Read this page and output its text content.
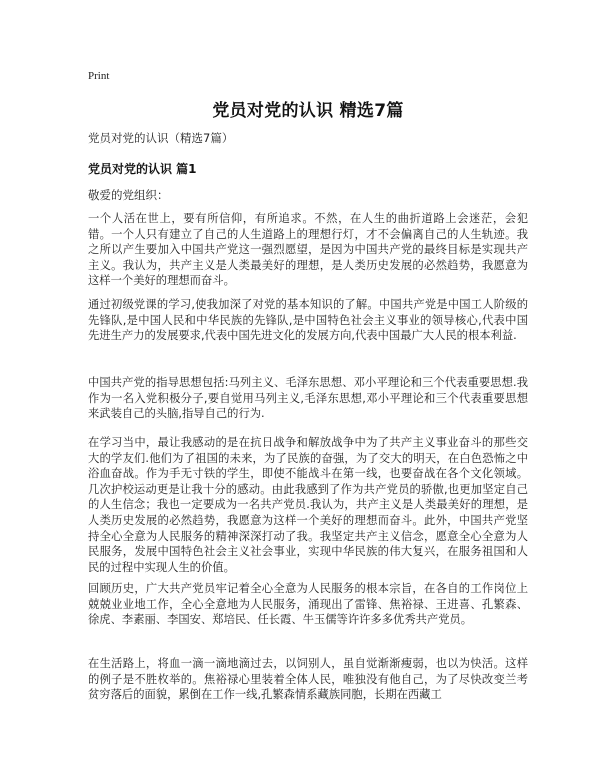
Print
党员对党的认识 精选7篇
党员对党的认识（精选7篇）
党员对党的认识 篇1
敬爱的党组织：
一个人活在世上，要有所信仰，有所追求。不然，在人生的曲折道路上会迷茫，会犯错。一个人只有建立了自己的人生道路上的理想行灯，才不会偏离自己的人生轨迹。我之所以产生要加入中国共产党这一强烈愿望，是因为中国共产党的最终目标是实现共产主义。我认为，共产主义是人类最美好的理想，是人类历史发展的必然趋势，我愿意为这样一个美好的理想而奋斗。
通过初级党课的学习,使我加深了对党的基本知识的了解。中国共产党是中国工人阶级的先锋队,是中国人民和中华民族的先锋队,是中国特色社会主义事业的领导核心,代表中国先进生产力的发展要求,代表中国先进文化的发展方向,代表中国最广大人民的根本利益.
中国共产党的指导思想包括:马列主义、毛泽东思想、邓小平理论和三个代表重要思想.我作为一名入党积极分子,要自觉用马列主义,毛泽东思想,邓小平理论和三个代表重要思想来武装自己的头脑,指导自己的行为.
在学习当中，最让我感动的是在抗日战争和解放战争中为了共产主义事业奋斗的那些交大的学友们.他们为了祖国的未来，为了民族的奋强，为了交大的明天，在白色恐怖之中浴血奋战。作为手无寸铁的学生，即使不能战斗在第一线，也要奋战在各个文化领域。几次护校运动更是让我十分的感动。由此我感到了作为共产党员的骄傲,也更加坚定自己的人生信念；我也一定要成为一名共产党员.我认为，共产主义是人类最美好的理想，是人类历史发展的必然趋势，我愿意为这样一个美好的理想而奋斗。此外，中国共产党坚持全心全意为人民服务的精神深深打动了我。我坚定共产主义信念，愿意全心全意为人民服务，发展中国特色社会主义社会事业，实现中华民族的伟大复兴，在服务祖国和人民的过程中实现人生的价值。
回顾历史，广大共产党员牢记着全心全意为人民服务的根本宗旨，在各自的工作岗位上兢兢业业地工作，全心全意地为人民服务，涌现出了雷锋、焦裕禄、王进喜、孔繁森、徐虎、李素丽、李国安、郑培民、任长霞、牛玉儒等许许多多优秀共产党员。
在生活路上，将血一滴一滴地滴过去，以饲别人，虽自觉渐渐瘦弱，也以为快活。这样的例子是不胜枚举的。焦裕禄心里装着全体人民，唯独没有他自己，为了尽快改变兰考贫穷落后的面貌，累倒在工作一线,孔繁森情系藏族同胞，长期在西藏工
